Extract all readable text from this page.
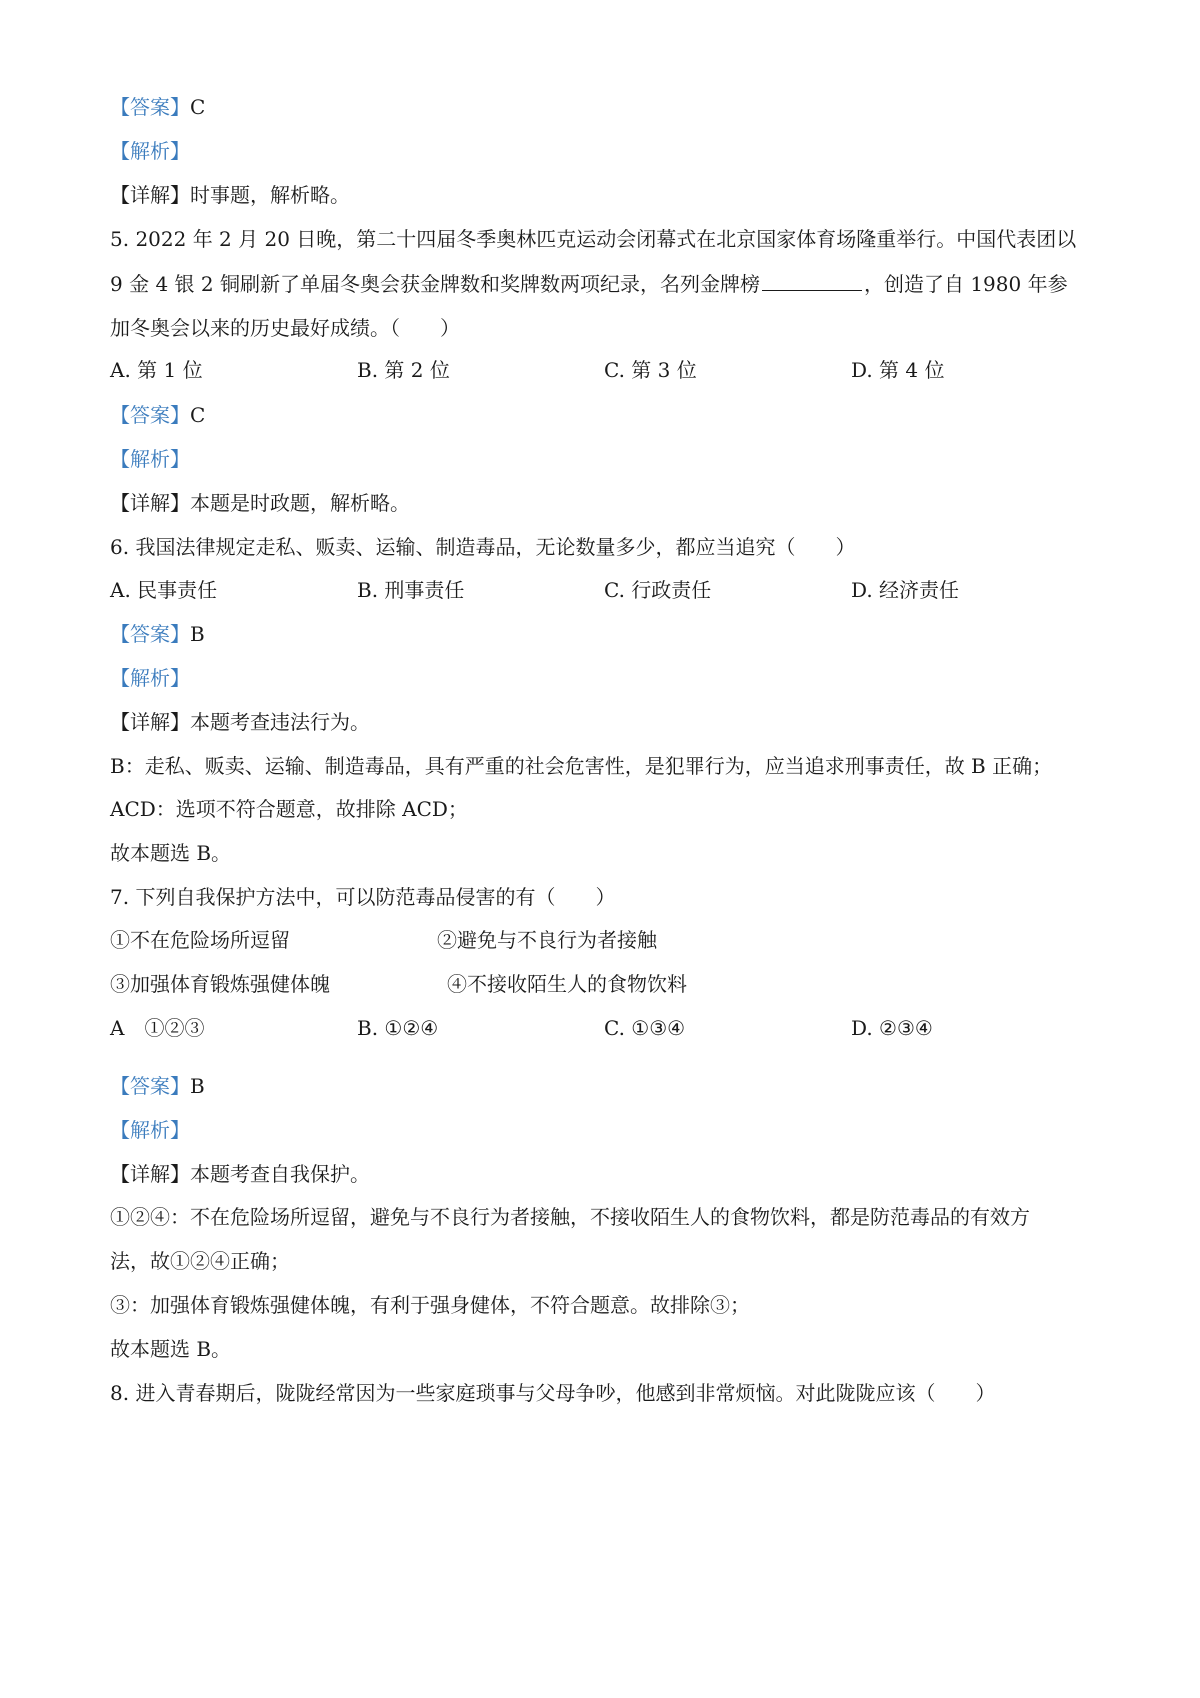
【答案】C
【解析】
【详解】时事题，解析略。
5. 2022 年 2 月 20 日晚，第二十四届冬季奥林匹克运动会闭幕式在北京国家体育场隆重举行。中国代表团以
9 金 4 银 2 铜刷新了单届冬奥会获金牌数和奖牌数两项纪录，名列金牌榜	，创造了自 1980 年参
加冬奥会以来的历史最好成绩。（　　）
A. 第 1 位	B. 第 2 位	C. 第 3 位	D. 第 4 位
【答案】C
【解析】
【详解】本题是时政题，解析略。
6. 我国法律规定走私、贩卖、运输、制造毒品，无论数量多少，都应当追究（　　）
A. 民事责任	B. 刑事责任	C. 行政责任	D. 经济责任
【答案】B
【解析】
【详解】本题考查违法行为。
B：走私、贩卖、运输、制造毒品，具有严重的社会危害性，是犯罪行为，应当追求刑事责任，故 B 正确；
ACD：选项不符合题意，故排除 ACD；
故本题选 B。
7. 下列自我保护方法中，可以防范毒品侵害的有（　　）
①不在危险场所逗留	②避免与不良行为者接触
③加强体育锻炼强健体魄	④不接收陌生人的食物饮料
A　①②③	B. ①②④	C. ①③④	D. ②③④
【答案】B
【解析】
【详解】本题考查自我保护。
①②④：不在危险场所逗留，避免与不良行为者接触，不接收陌生人的食物饮料，都是防范毒品的有效方
法，故①②④正确；
③：加强体育锻炼强健体魄，有利于强身健体，不符合题意。故排除③；
故本题选 B。
8. 进入青春期后，陇陇经常因为一些家庭琐事与父母争吵，他感到非常烦恼。对此陇陇应该（　　）
